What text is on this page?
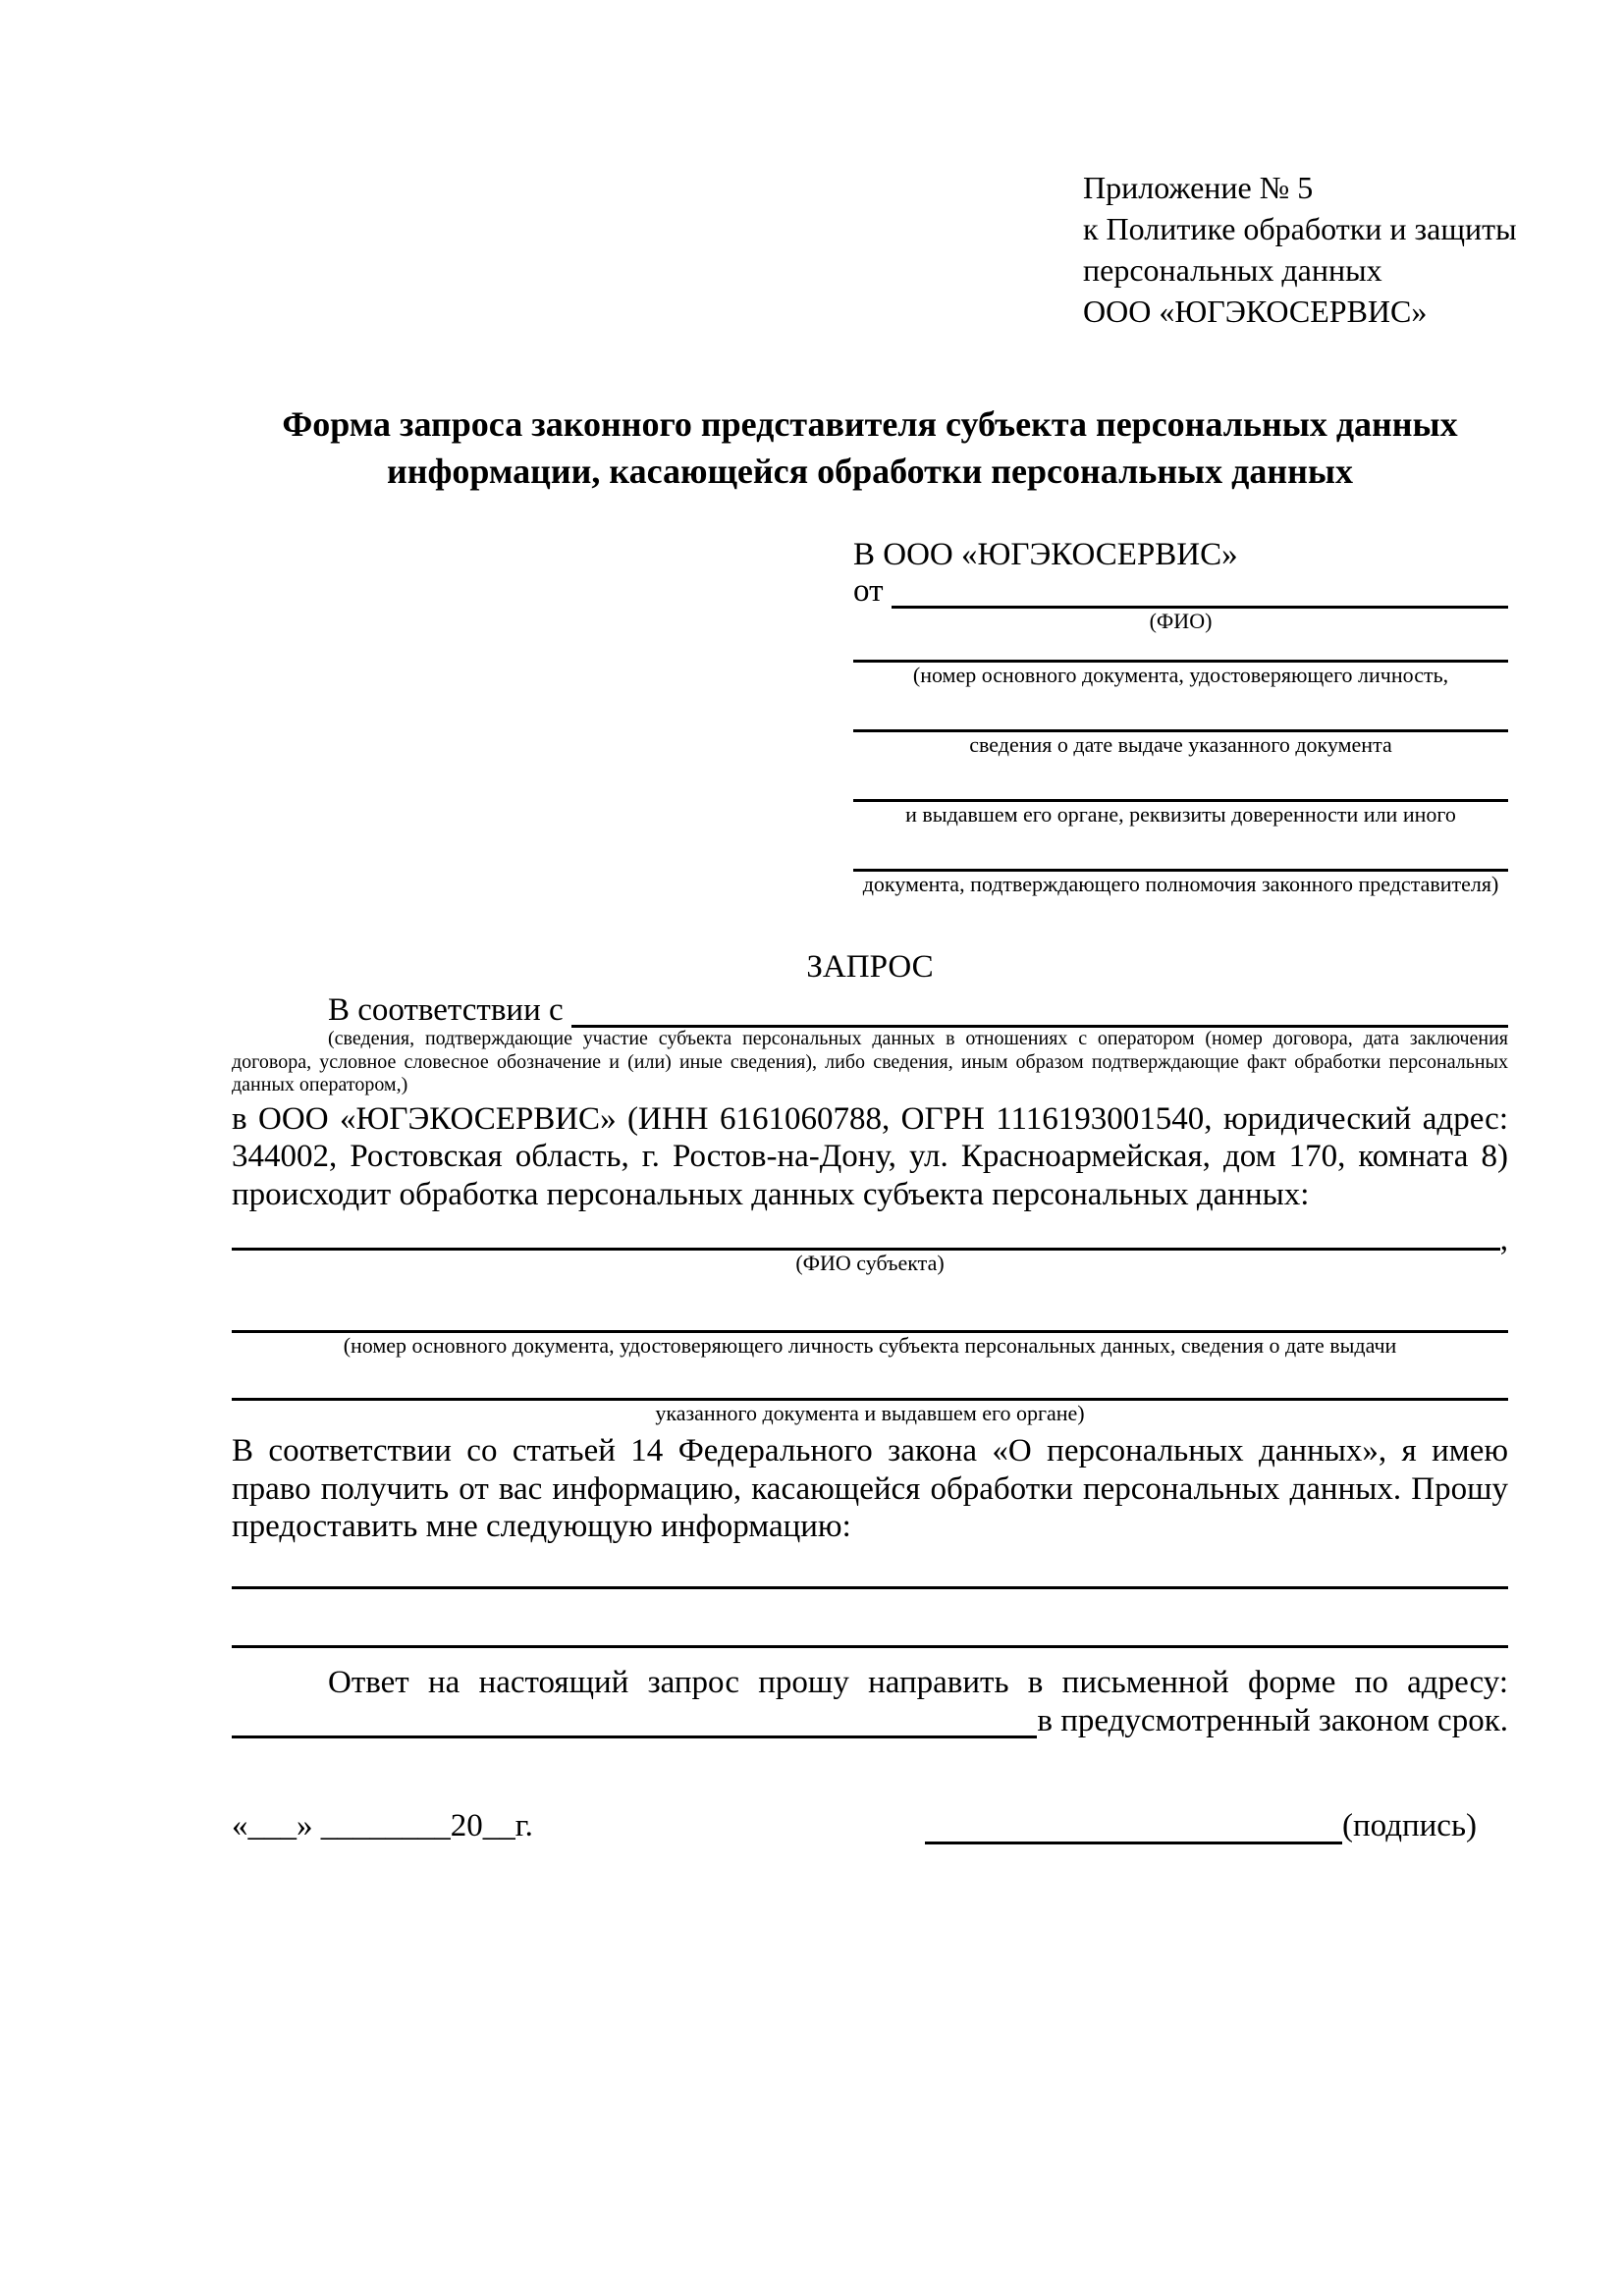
Приложение № 5
к Политике обработки и защиты
персональных данных
ООО «ЮГЭКОСЕРВИС»
Форма запроса законного представителя субъекта персональных данных
информации, касающейся обработки персональных данных
В ООО «ЮГЭКОСЕРВИС»
от
(ФИО)
(номер основного документа, удостоверяющего личность,
сведения о дате выдаче указанного документа
и выдавшем его органе, реквизиты доверенности или иного
документа, подтверждающего полномочия законного представителя)
ЗАПРОС
В соответствии с
(сведения, подтверждающие участие субъекта персональных данных в отношениях с оператором (номер договора, дата заключения договора, условное словесное обозначение и (или) иные сведения), либо сведения, иным образом подтверждающие факт обработки персональных данных оператором,)

в ООО «ЮГЭКОСЕРВИС» (ИНН 6161060788, ОГРН 1116193001540, юридический адрес: 344002, Ростовская область, г. Ростов-на-Дону, ул. Красноармейская, дом 170, комната 8) происходит обработка персональных данных субъекта персональных данных:

,
(ФИО субъекта)
(номер основного документа, удостоверяющего личность субъекта персональных данных, сведения о дате выдачи
указанного документа и выдавшем его органе)

В соответствии со статьей 14 Федерального закона «О персональных данных», я имею право получить от вас информацию, касающейся обработки персональных данных. Прошу предоставить мне следующую информацию:

Ответ на настоящий запрос прошу направить в письменной форме по адресу:

в предусмотренный законом срок.
«___» ________20__г.	(подпись)
